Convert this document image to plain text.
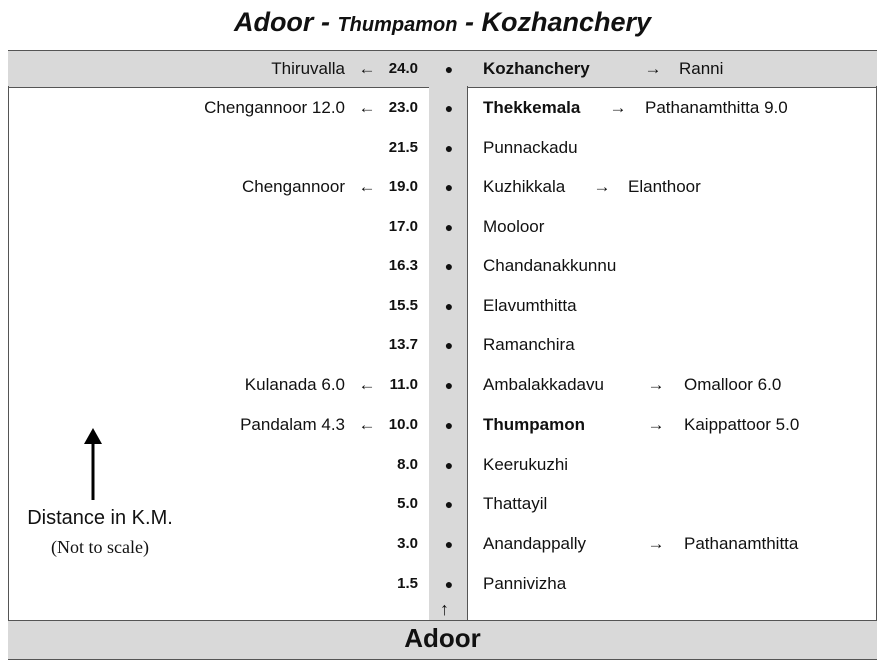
Adoor - Thumpamon - Kozhanchery
Thiruvalla ← 24.0 ● Kozhanchery	→ Ranni
Chengannoor 12.0 ← 23.0 ● Thekkemala → Pathanamthitta 9.0
21.5 ● Punnackadu
Chengannoor ← 19.0 ● Kuzhikkala → Elanthoor
17.0 ● Mooloor
16.3 ● Chandanakkunnu
15.5 ● Elavumthitta
13.7 ● Ramanchira
Kulanada 6.0 ← 11.0 ● Ambalakkadavu	→ Omalloor 6.0
Pandalam 4.3 ← 10.0 ● Thumpamon	→ Kaippattoor 5.0
8.0 ● Keerukuzhi
5.0 ● Thattayil
3.0 ● Anandappally	→ Pathanamthitta
1.5 ● Pannivizha
↑
Adoor
Distance in K.M.
(Not to scale)
